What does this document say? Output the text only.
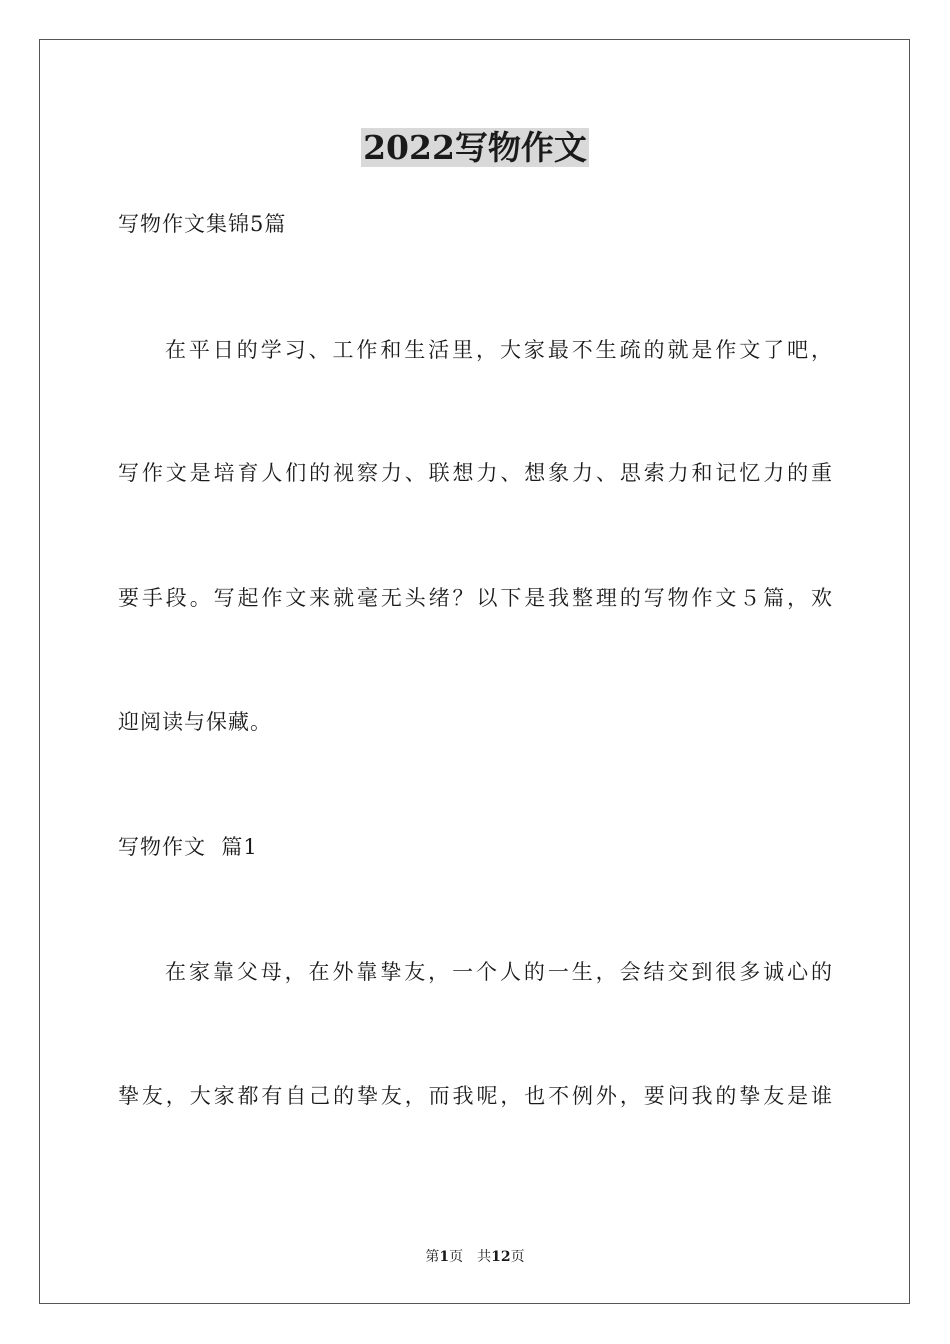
2022写物作文
写物作文集锦5篇
在平日的学习、工作和生活里，大家最不生疏的就是作文了吧，
写作文是培育人们的视察力、联想力、想象力、思索力和记忆力的重
要手段。写起作文来就毫无头绪？以下是我整理的写物作文５篇，欢
迎阅读与保藏。
写物作文  篇1
在家靠父母，在外靠挚友，一个人的一生，会结交到很多诚心的
挚友，大家都有自己的挚友，而我呢，也不例外，要问我的挚友是谁
第1页 共12页
